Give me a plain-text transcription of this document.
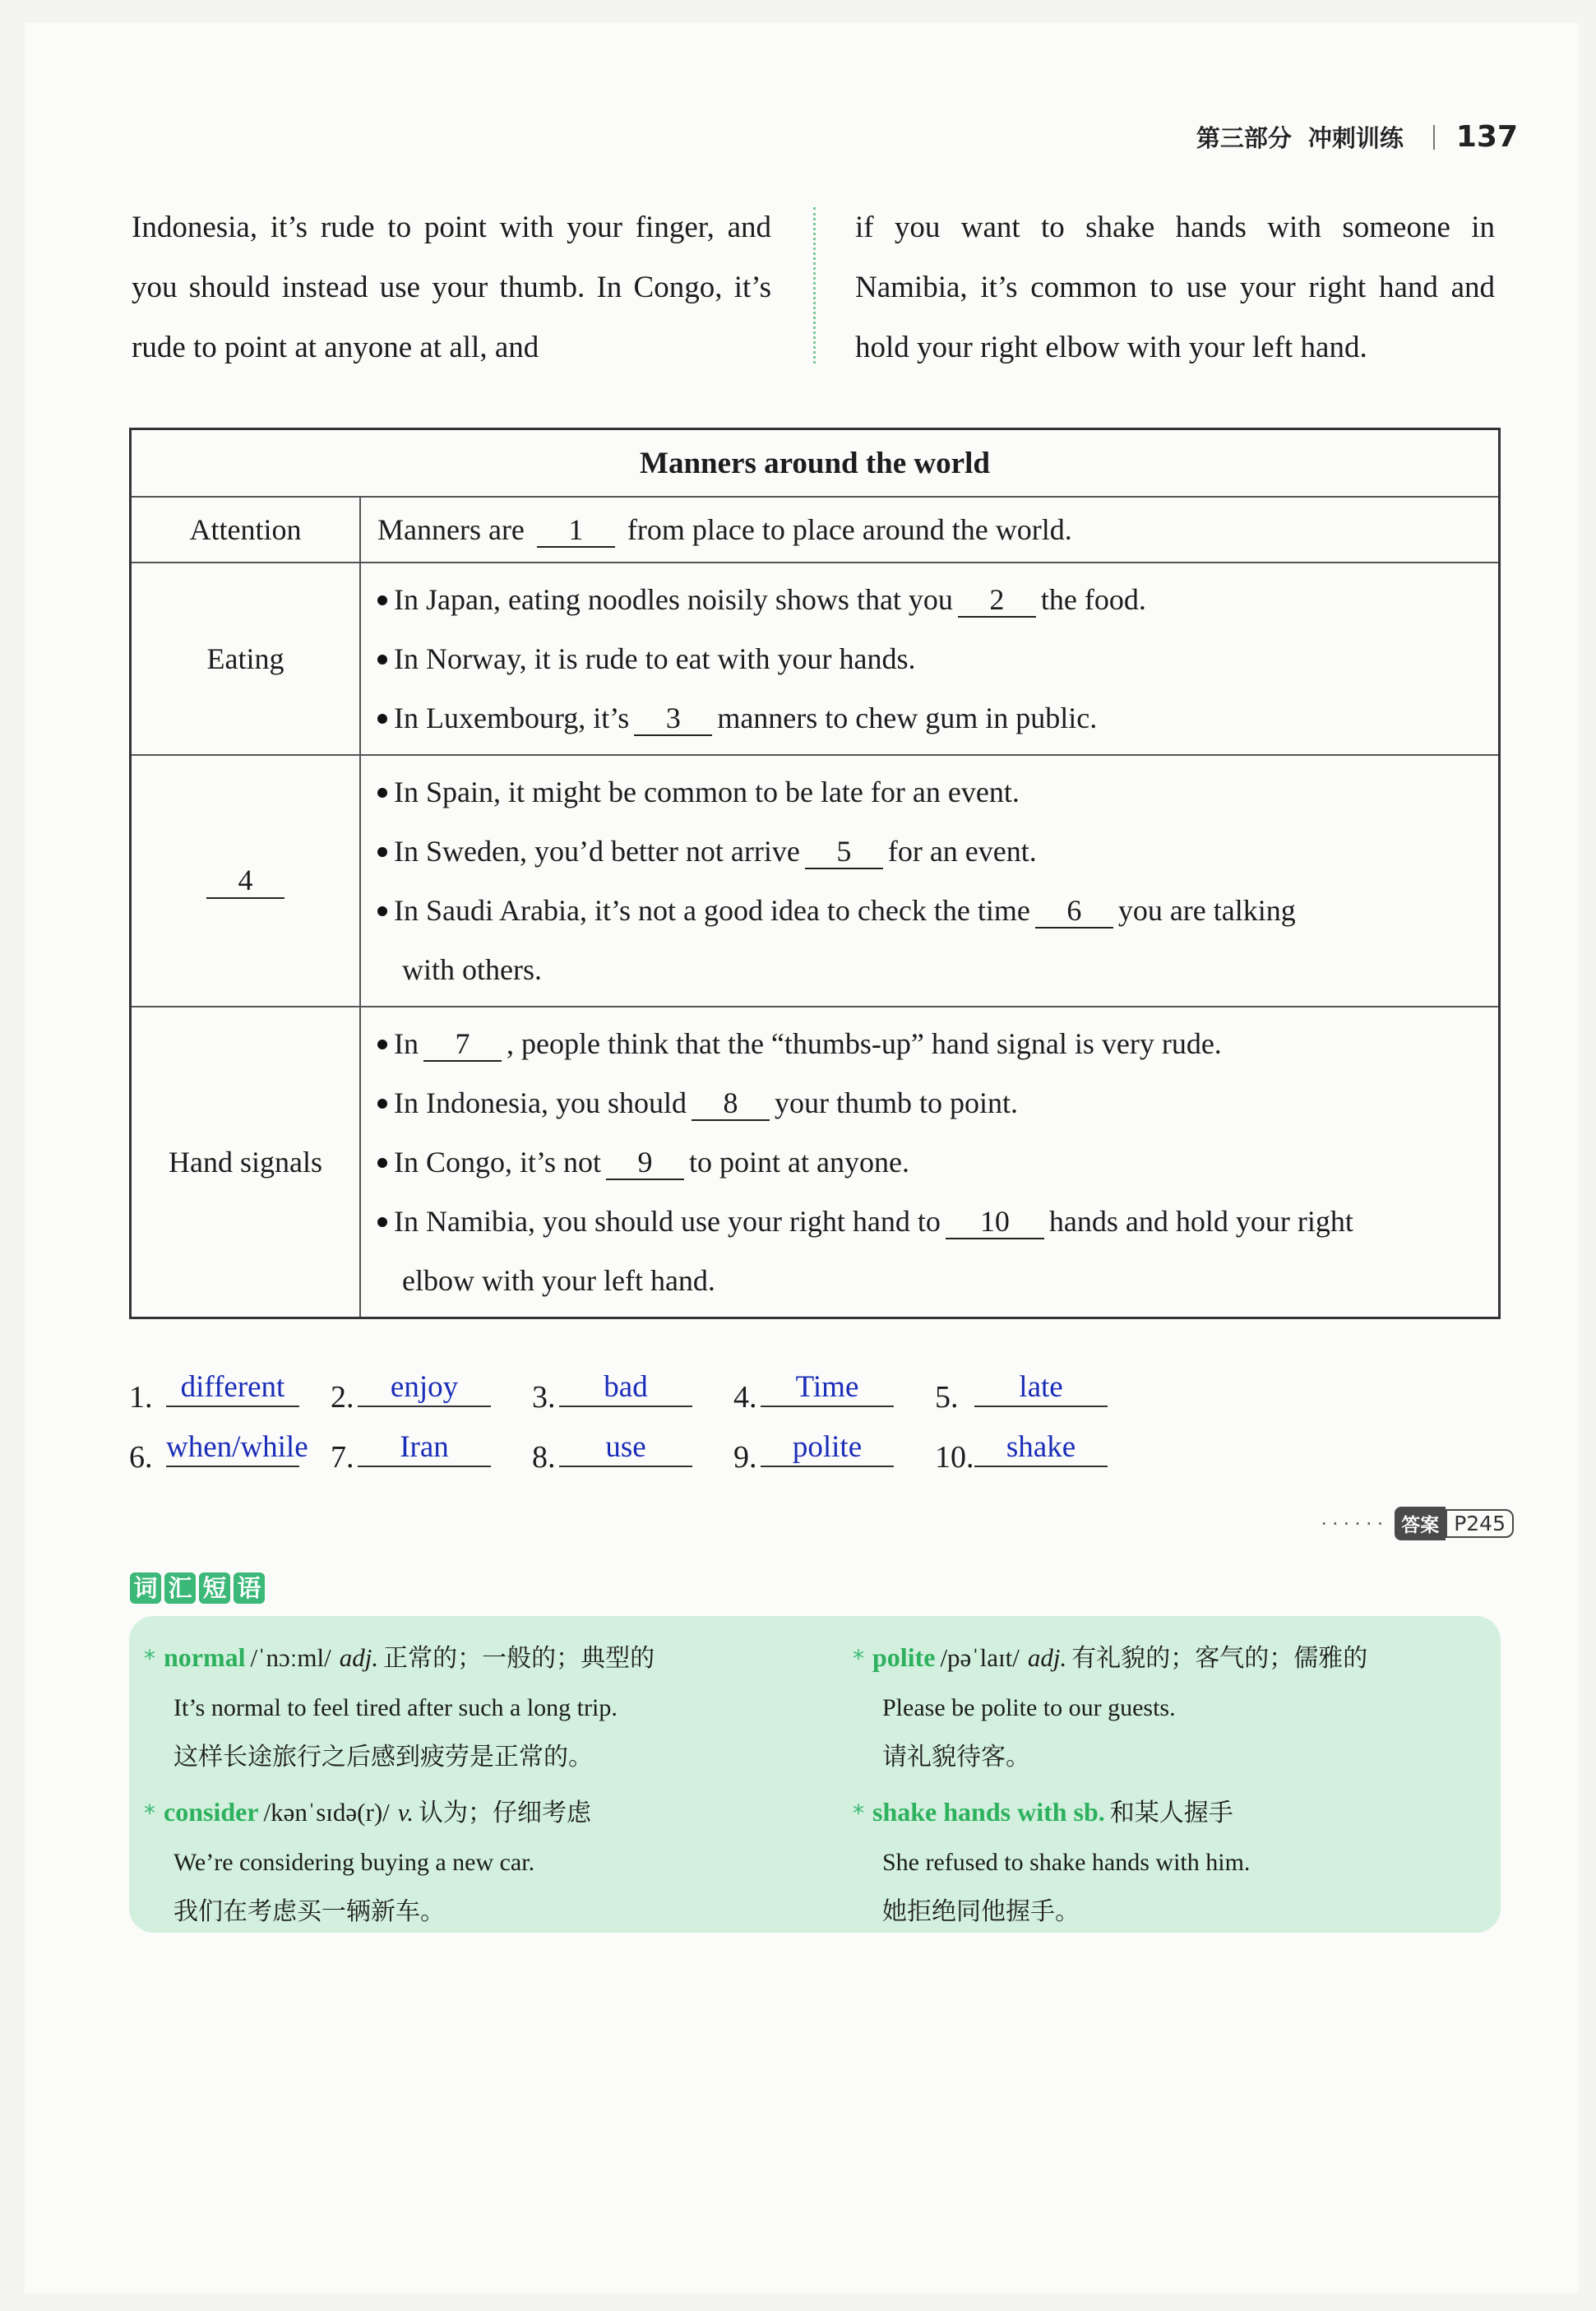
第三部分 冲刺训练 137
Indonesia, it’s rude to point with your finger, and you should instead use your thumb. In Congo, it’s rude to point at anyone at all, and
if you want to shake hands with someone in Namibia, it’s common to use your right hand and hold your right elbow with your left hand.
Manners around the world	
Attention	Manners are 1 from place to place around the world.
Eating	In Japan, eating noodles noisily shows that you 2 the food.
In Norway, it is rude to eat with your hands.
In Luxembourg, it’s 3 manners to chew gum in public.

4	In Spain, it might be common to be late for an event.
In Sweden, you’d better not arrive 5 for an event.
In Saudi Arabia, it’s not a good idea to check the time 6 you are talking
with others.

Hand signals	In 7 , people think that the “thumbs-up” hand signal is very rude.
In Indonesia, you should 8 your thumb to point.
In Congo, it’s not 9 to point at anyone.
In Namibia, you should use your right hand to 10 hands and hold your right
elbow with your left hand.
1. different	2.	enjoy	3.	bad	4.	Time	5.	late
6. when/while 7.	Iran	8.	use	9.	polite	10.	shake
······ 答案 P245
词 汇 短 语
* normal /ˈnɔːml/ adj. 正常的；一般的；典型的
It’s normal to feel tired after such a long trip.
这样长途旅行之后感到疲劳是正常的。
* consider /kənˈsɪdə(r)/ v. 认为；仔细考虑
We’re considering buying a new car.
我们在考虑买一辆新车。
* polite /pəˈlaɪt/ adj. 有礼貌的；客气的；儒雅的
Please be polite to our guests.
请礼貌待客。
* shake hands with sb. 和某人握手
She refused to shake hands with him.
她拒绝同他握手。
